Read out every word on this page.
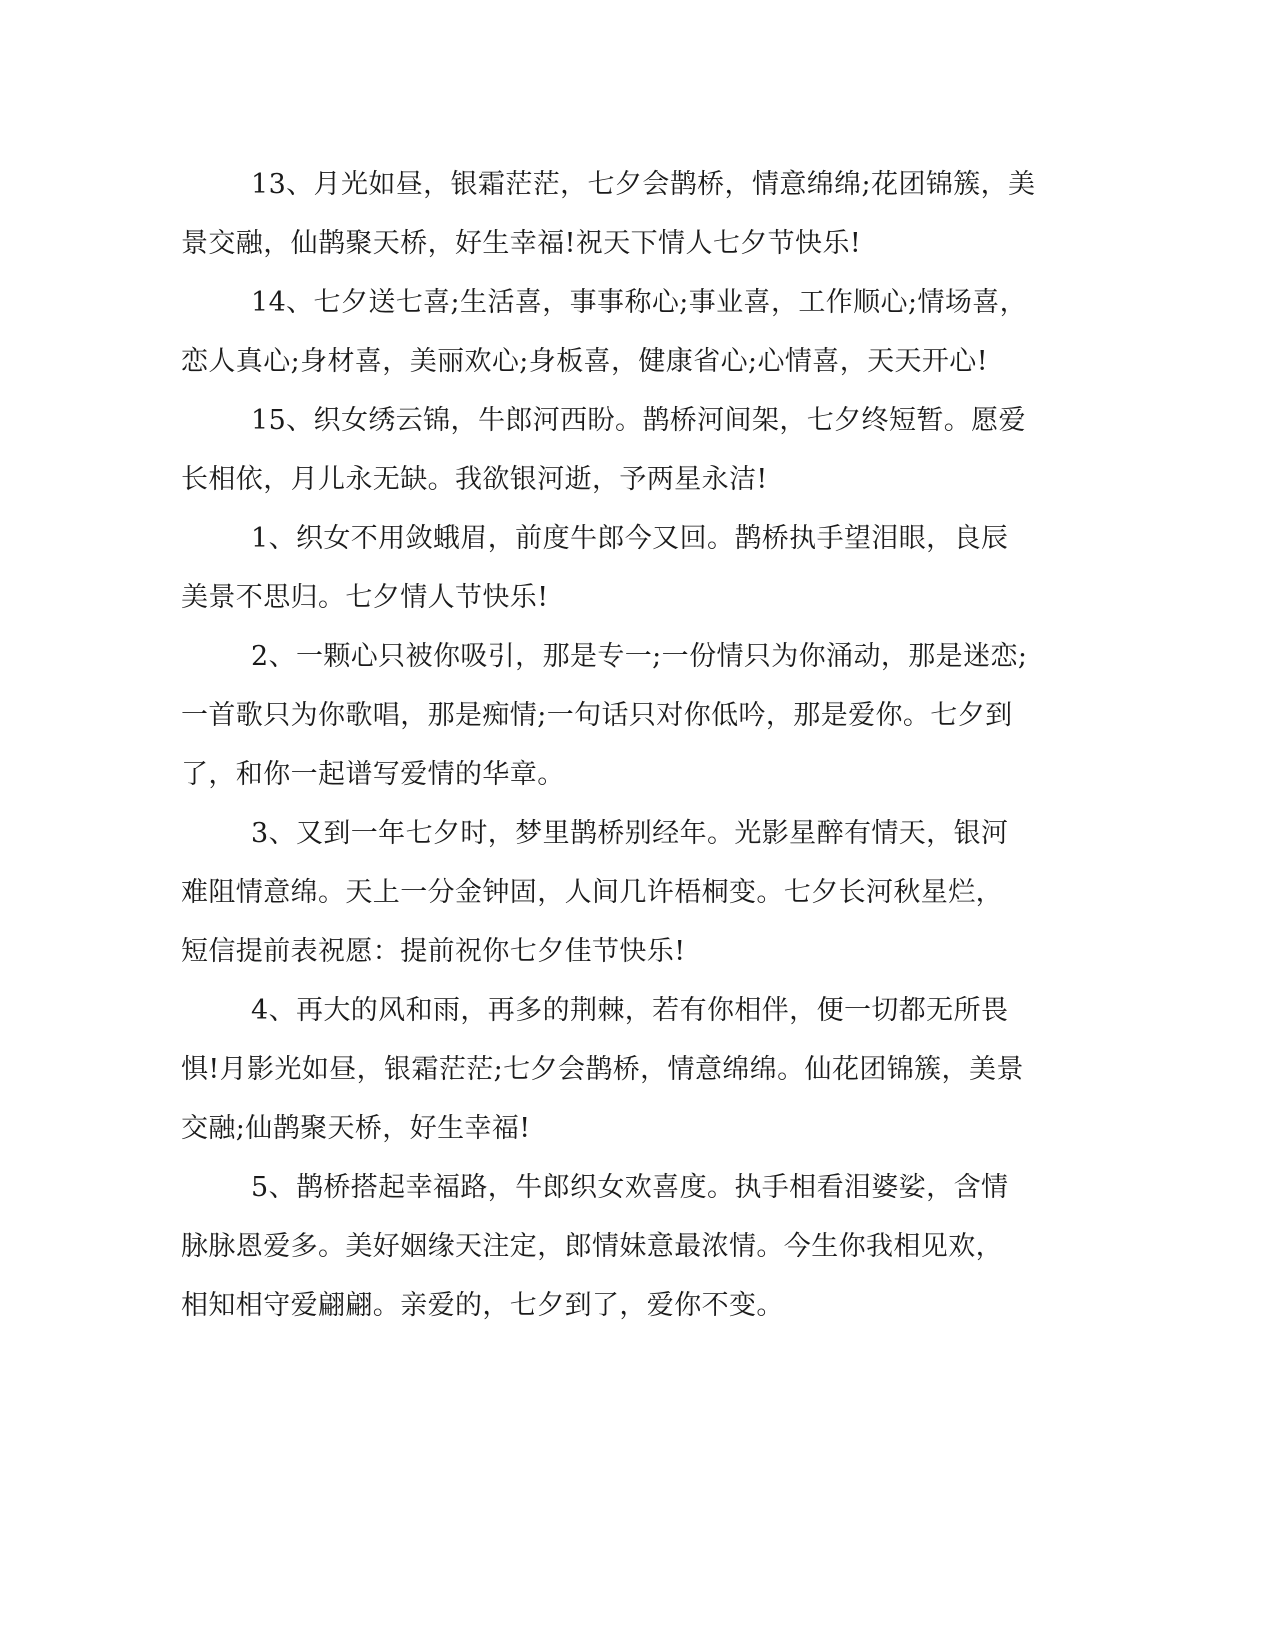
13、月光如昼，银霜茫茫，七夕会鹊桥，情意绵绵;花团锦簇，美
景交融，仙鹊聚天桥，好生幸福!祝天下情人七夕节快乐!
14、七夕送七喜;生活喜，事事称心;事业喜，工作顺心;情场喜，
恋人真心;身材喜，美丽欢心;身板喜，健康省心;心情喜，天天开心!
15、织女绣云锦，牛郎河西盼。鹊桥河间架，七夕终短暂。愿爱
长相依，月儿永无缺。我欲银河逝，予两星永洁!
1、织女不用敛蛾眉，前度牛郎今又回。鹊桥执手望泪眼，良辰
美景不思归。七夕情人节快乐!
2、一颗心只被你吸引，那是专一;一份情只为你涌动，那是迷恋;
一首歌只为你歌唱，那是痴情;一句话只对你低吟，那是爱你。七夕到
了，和你一起谱写爱情的华章。
3、又到一年七夕时，梦里鹊桥别经年。光影星醉有情天，银河
难阻情意绵。天上一分金钟固，人间几许梧桐变。七夕长河秋星烂，
短信提前表祝愿：提前祝你七夕佳节快乐!
4、再大的风和雨，再多的荆棘，若有你相伴，便一切都无所畏
惧!月影光如昼，银霜茫茫;七夕会鹊桥，情意绵绵。仙花团锦簇，美景
交融;仙鹊聚天桥，好生幸福!
5、鹊桥搭起幸福路，牛郎织女欢喜度。执手相看泪婆娑，含情
脉脉恩爱多。美好姻缘天注定，郎情妹意最浓情。今生你我相见欢，
相知相守爱翩翩。亲爱的，七夕到了，爱你不变。
